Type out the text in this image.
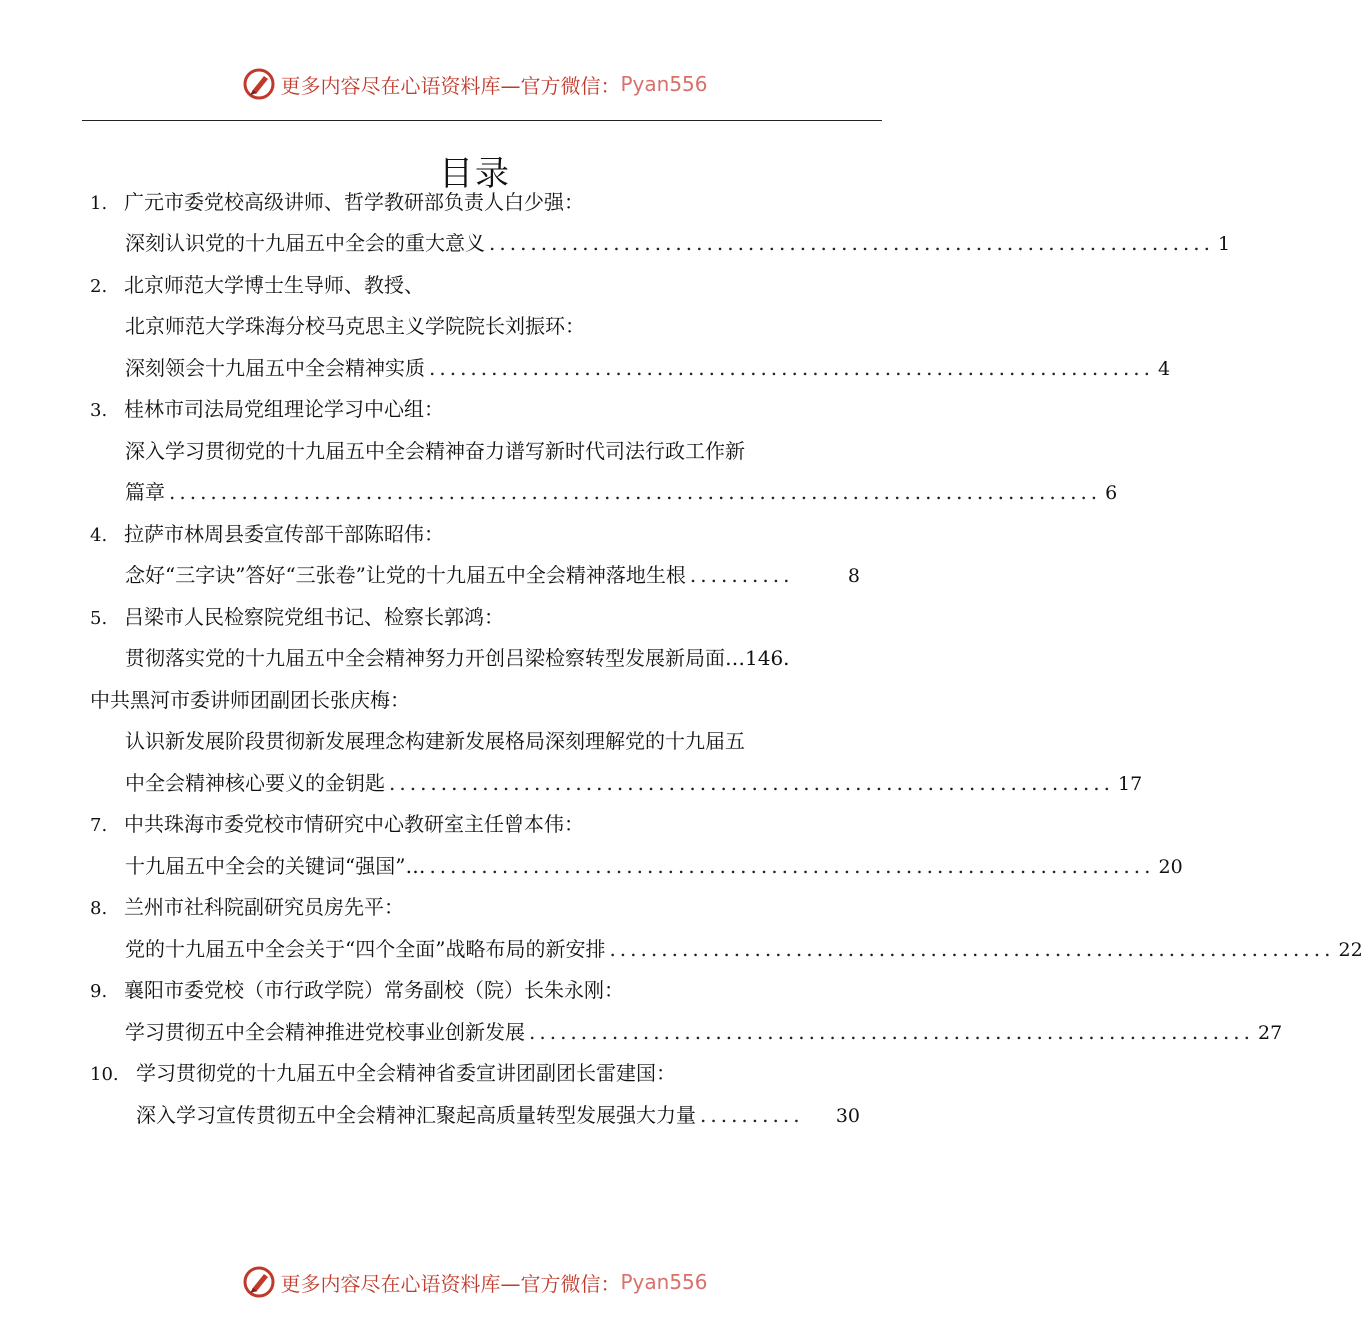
更多内容尽在心语资料库—官方微信： Pyan556
目录
1. 广元市委党校高级讲师、哲学教研部负责人白少强：
深刻认识党的十九届五中全会的重大意义 ...................................................................... 1
2. 北京师范大学博士生导师、教授、
北京师范大学珠海分校马克思主义学院院长刘振环：
深刻领会十九届五中全会精神实质 ...................................................................... 4
3. 桂林市司法局党组理论学习中心组：
深入学习贯彻党的十九届五中全会精神奋力谱写新时代司法行政工作新
篇章 .......................................................................................... 6
4. 拉萨市林周县委宣传部干部陈昭伟：
念好“三字诀”答好“三张卷”让党的十九届五中全会精神落地生根 ..........	8
5. 吕梁市人民检察院党组书记、检察长郭鸿：
贯彻落实党的十九届五中全会精神努力开创吕梁检察转型发展新局面…146.
中共黑河市委讲师团副团长张庆梅：
认识新发展阶段贯彻新发展理念构建新发展格局深刻理解党的十九届五
中全会精神核心要义的金钥匙 ...................................................................... 17
7. 中共珠海市委党校市情研究中心教研室主任曾本伟：
十九届五中全会的关键词“强国”… ...................................................................... 20
8. 兰州市社科院副研究员房先平：
党的十九届五中全会关于“四个全面”战略布局的新安排 ...................................................................... 22
9. 襄阳市委党校（市行政学院）常务副校（院）长朱永刚：
学习贯彻五中全会精神推进党校事业创新发展 ...................................................................... 27
10. 学习贯彻党的十九届五中全会精神省委宣讲团副团长雷建国：
深入学习宣传贯彻五中全会精神汇聚起高质量转型发展强大力量 ..........	30
更多内容尽在心语资料库—官方微信： Pyan556
